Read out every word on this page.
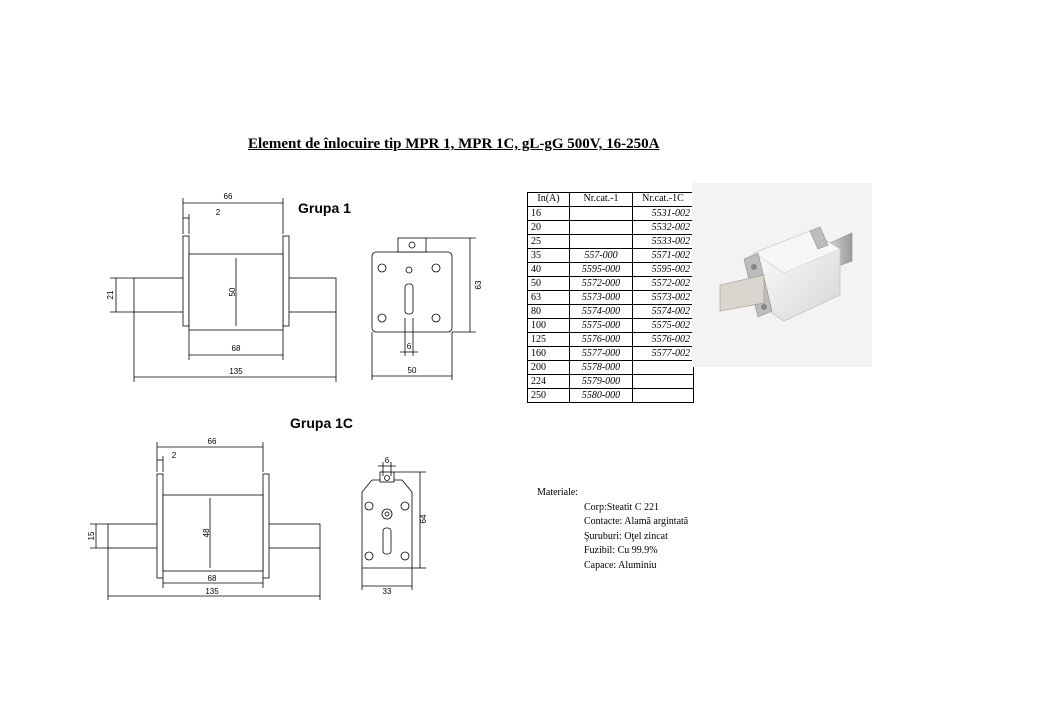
Element de înlocuire tip MPR 1, MPR 1C, gL-gG 500V, 16-250A
Grupa 1
Grupa 1C
66
2
21	50
68
135
63
6
50
66
2
15	48
68
135
64
6
33
In(A)	Nr.cat.-1	Nr.cat.-1C
16		5531-002
20		5532-002
25		5533-002
35	557-000	5571-002
40	5595-000	5595-002
50	5572-000	5572-002
63	5573-000	5573-002
80	5574-000	5574-002
100	5575-000	5575-002
125	5576-000	5576-002
160	5577-000	5577-002
200	5578-000	
224	5579-000	
250	5580-000	
Materiale:
Corp:Steatit C 221
Contacte: Alamă argintată
Şuruburi: Oţel zincat
Fuzibil: Cu 99.9%
Capace: Aluminiu
